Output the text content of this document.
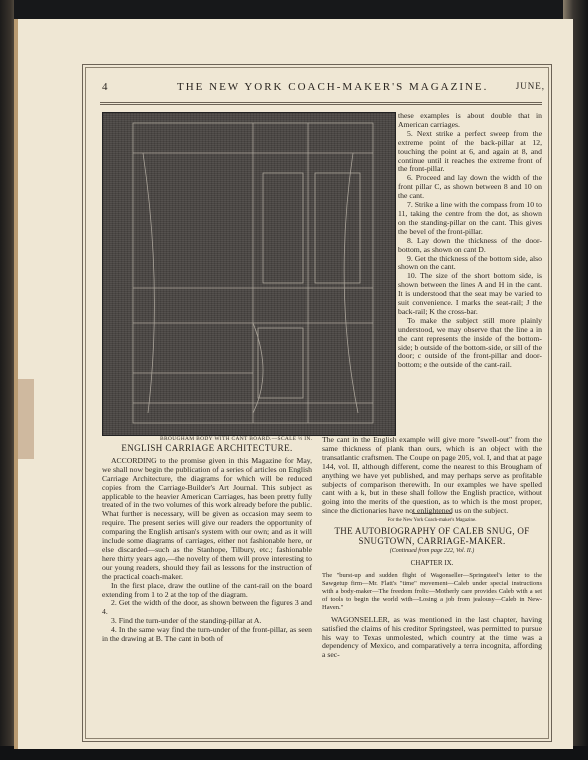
4	THE NEW YORK COACH-MAKER'S MAGAZINE.	JUNE,
BROUGHAM BODY WITH CANT BOARD.—SCALE ½ IN.

these examples is about double that in American carriages.

5. Next strike a perfect sweep from the extreme point of the back-pillar at 12, touching the point at 6, and again at 8, and continue until it reaches the extreme front of the front-pillar.

6. Proceed and lay down the width of the front pillar C, as shown between 8 and 10 on the cant.

7. Strike a line with the compass from 10 to 11, taking the centre from the dot, as shown on the standing-pillar on the cant. This gives the bevel of the front-pillar.

8. Lay down the thickness of the door-bottom, as shown on cant D.

9. Get the thickness of the bottom side, also shown on the cant.

10. The size of the short bottom side, is shown between the lines A and H in the cant. It is understood that the seat may be varied to suit convenience. I marks the seat-rail; J the back-rail; K the cross-bar.

To make the subject still more plainly understood, we may observe that the line a in the cant represents the inside of the bottom-side; b outside of the bottom-side, or sill of the door; c outside of the front-pillar and door-bottom; e the outside of the cant-rail.

The cant in the English example will give more "swell-out" from the same thickness of plank than ours, which is an object with the transatlantic craftsmen. The Coupe on page 205, vol. I, and that at page 144, vol. II, although different, come the nearest to this Brougham of anything we have yet published, and may perhaps serve as profitable subjects of comparison therewith. In our examples we have spelled cant with a k, but in these shall follow the English practice, without going into the merits of the question, as to which is the most proper, since the dictionaries have not enlightened us on the subject.

ENGLISH CARRIAGE ARCHITECTURE.

ACCORDING to the promise given in this Magazine for May, we shall now begin the publication of a series of articles on English Carriage Architecture, the diagrams for which will be reduced copies from the Carriage-Builder's Art Journal. This subject as applicable to the heavier American Carriages, has been pretty fully treated of in the two volumes of this work already before the public. What further is necessary, will be given as occasion may seem to require. The present series will give our readers the opportunity of comparing the English artisan's system with our own; and as it will include some diagrams of carriages, either not fashionable here, or else discarded—such as the Stanhope, Tilbury, etc.; fashionable here thirty years ago,—the novelty of them will prove interesting to our young readers, should they fail as lessons for the instruction of the practical coach-maker.

In the first place, draw the outline of the cant-rail on the board extending from 1 to 2 at the top of the diagram.

2. Get the width of the door, as shown between the figures 3 and 4.

3. Find the turn-under of the standing-pillar at A.

4. In the same way find the turn-under of the front-pillar, as seen in the drawing at B. The cant in both of

For the New York Coach-maker's Magazine.
THE AUTOBIOGRAPHY OF CALEB SNUG, OF
SNUGTOWN, CARRIAGE-MAKER.
(Continued from page 222, Vol. II.)
CHAPTER IX.
The "burst-up and sudden flight of Wagonseller—Springsteel's letter to the Sawgetup firm—Mr. Flatt's "time" movement—Caleb under special instructions with a body-maker—The freedom frolic—Motherly care provides Caleb with a set of tools to begin the world with—Losing a job from jealousy—Caleb in New-Haven."

WAGONSELLER, as was mentioned in the last chapter, having satisfied the claims of his creditor Springsteel, was permitted to pursue his way to Texas unmolested, which country at the time was a dependency of Mexico, and comparatively a terra incognita, affording a sec-
